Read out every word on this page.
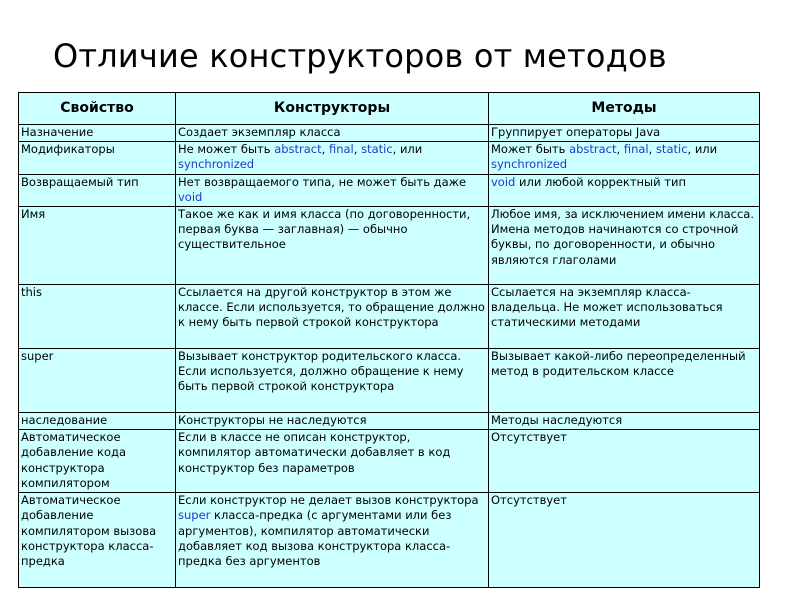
Отличие конструкторов от методов
Свойство	Конструкторы	Методы
Назначение	Создает экземпляр класса	Группирует операторы Java
Модификаторы	Не может быть abstract, final, static, или synchronized	Может быть abstract, final, static, или synchronized
Возвращаемый тип	Нет возвращаемого типа, не может быть даже void	void или любой корректный тип
Имя	Такое же как и имя класса (по договоренности, первая буква — заглавная) — обычно существительное	Любое имя, за исключением имени класса. Имена методов начинаются со строчной буквы, по договоренности, и обычно являются глаголами
this	Ссылается на другой конструктор в этом же классе. Если используется, то обращение должно к нему быть первой строкой конструктора	Ссылается на экземпляр класса-владельца. Не может использоваться статическими методами
super	Вызывает конструктор родительского класса. Если используется, должно обращение к нему быть первой строкой конструктора	Вызывает какой-либо переопределенный метод в родительском классе
наследование	Конструкторы не наследуются	Методы наследуются
Автоматическое добавление кода конструктора компилятором	Если в классе не описан конструктор, компилятор автоматически добавляет в код конструктор без параметров	Отсутствует
Автоматическое добавление компилятором вызова конструктора класса-предка	Если конструктор не делает вызов конструктора super класса-предка (с аргументами или без аргументов), компилятор автоматически добавляет код вызова конструктора класса-предка без аргументов	Отсутствует
